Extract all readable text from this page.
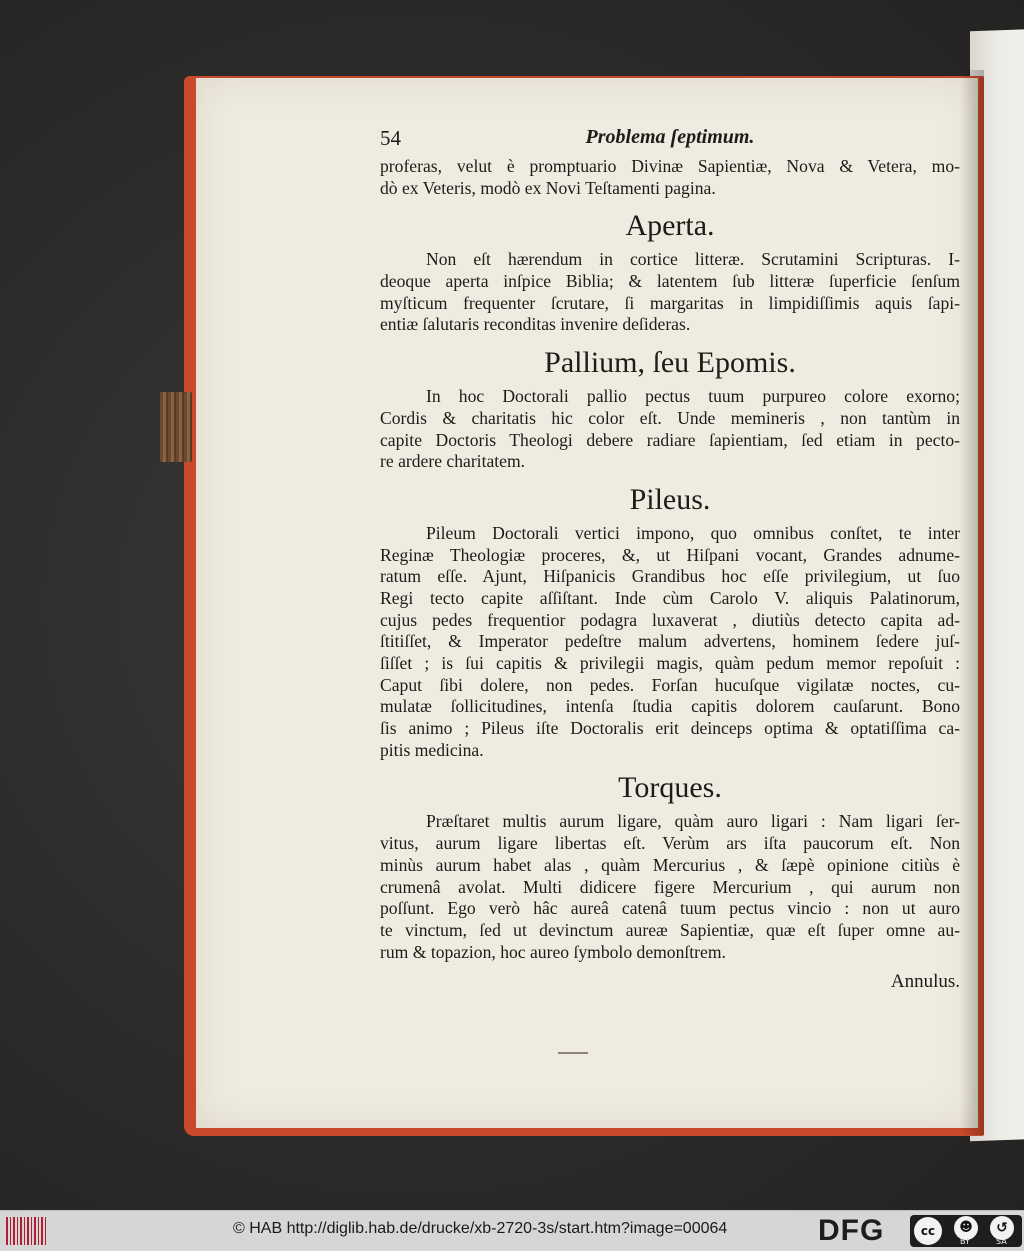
54	Problema ſeptimum.
proferas, velut è promptuario Divinæ Sapientiæ, Nova & Vetera, mo-
dò ex Veteris, modò ex Novi Teſtamenti pagina.
Aperta.
Non eſt hærendum in cortice litteræ. Scrutamini Scripturas. I-
deoque aperta inſpice Biblia; & latentem ſub litteræ ſuperficie ſenſum
myſticum frequenter ſcrutare, ſi margaritas in limpidiſſimis aquis ſapi-
entiæ ſalutaris reconditas invenire deſideras.
Pallium, ſeu Epomis.
In hoc Doctorali pallio pectus tuum purpureo colore exorno;
Cordis & charitatis hic color eſt. Unde memineris , non tantùm in
capite Doctoris Theologi debere radiare ſapientiam, ſed etiam in pecto-
re ardere charitatem.
Pileus.
Pileum Doctorali vertici impono, quo omnibus conſtet, te inter
Reginæ Theologiæ proceres, &, ut Hiſpani vocant, Grandes adnume-
ratum eſſe. Ajunt, Hiſpanicis Grandibus hoc eſſe privilegium, ut ſuo
Regi tecto capite aſſiſtant. Inde cùm Carolo V. aliquis Palatinorum,
cujus pedes frequentior podagra luxaverat , diutiùs detecto capita ad-
ſtitiſſet, & Imperator pedeſtre malum advertens, hominem ſedere juſ-
ſiſſet ; is ſui capitis & privilegii magis, quàm pedum memor repoſuit :
Caput ſibi dolere, non pedes. Forſan hucuſque vigilatæ noctes, cu-
mulatæ ſollicitudines, intenſa ſtudia capitis dolorem cauſarunt. Bono
ſis animo ; Pileus iſte Doctoralis erit deinceps optima & optatiſſima ca-
pitis medicina.
Torques.
Præſtaret multis aurum ligare, quàm auro ligari : Nam ligari ſer-
vitus, aurum ligare libertas eſt. Verùm ars iſta paucorum eſt. Non
minùs aurum habet alas , quàm Mercurius , & ſæpè opinione citiùs è
crumenâ avolat. Multi didicere figere Mercurium , qui aurum non
poſſunt. Ego verò hâc aureâ catenâ tuum pectus vincio : non ut auro
te vinctum, ſed ut devinctum aureæ Sapientiæ, quæ eſt ſuper omne au-
rum & topazion, hoc aureo ſymbolo demonſtrem.
Annulus.
© HAB http://diglib.hab.de/drucke/xb-2720-3s/start.htm?image=00064	DFG	cc	☻
BY
↺
SA
